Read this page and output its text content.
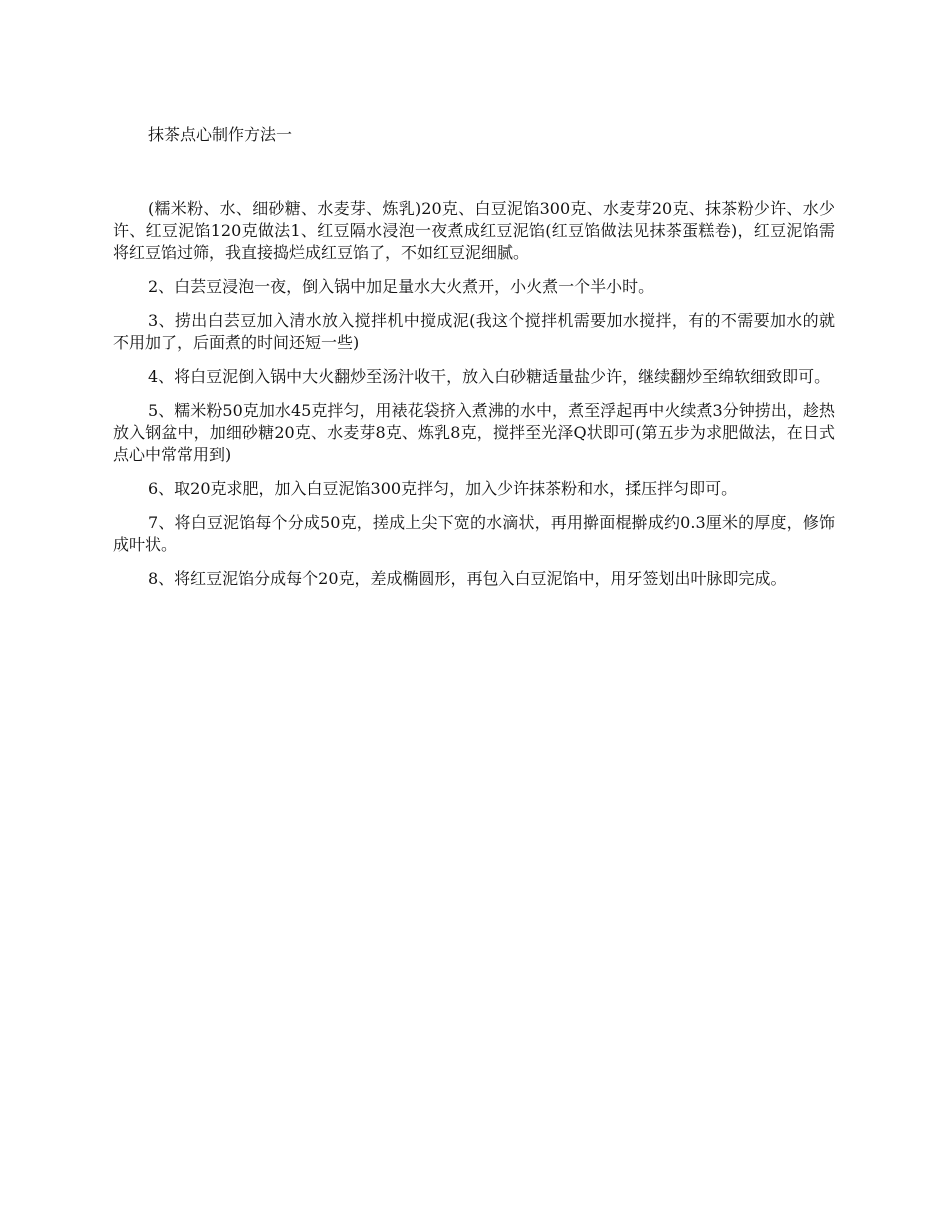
抹茶点心制作方法一

(糯米粉、水、细砂糖、水麦芽、炼乳)20克、白豆泥馅300克、水麦芽20克、抹茶粉少许、水少许、红豆泥馅120克做法1、红豆隔水浸泡一夜煮成红豆泥馅(红豆馅做法见抹茶蛋糕卷)，红豆泥馅需将红豆馅过筛，我直接捣烂成红豆馅了，不如红豆泥细腻。

2、白芸豆浸泡一夜，倒入锅中加足量水大火煮开，小火煮一个半小时。

3、捞出白芸豆加入清水放入搅拌机中搅成泥(我这个搅拌机需要加水搅拌，有的不需要加水的就不用加了，后面煮的时间还短一些)

4、将白豆泥倒入锅中大火翻炒至汤汁收干，放入白砂糖适量盐少许，继续翻炒至绵软细致即可。

5、糯米粉50克加水45克拌匀，用裱花袋挤入煮沸的水中，煮至浮起再中火续煮3分钟捞出，趁热放入钢盆中，加细砂糖20克、水麦芽8克、炼乳8克，搅拌至光泽Q状即可(第五步为求肥做法，在日式点心中常常用到)

6、取20克求肥，加入白豆泥馅300克拌匀，加入少许抹茶粉和水，揉压拌匀即可。

7、将白豆泥馅每个分成50克，搓成上尖下宽的水滴状，再用擀面棍擀成约0.3厘米的厚度，修饰成叶状。

8、将红豆泥馅分成每个20克，差成椭圆形，再包入白豆泥馅中，用牙签划出叶脉即完成。
